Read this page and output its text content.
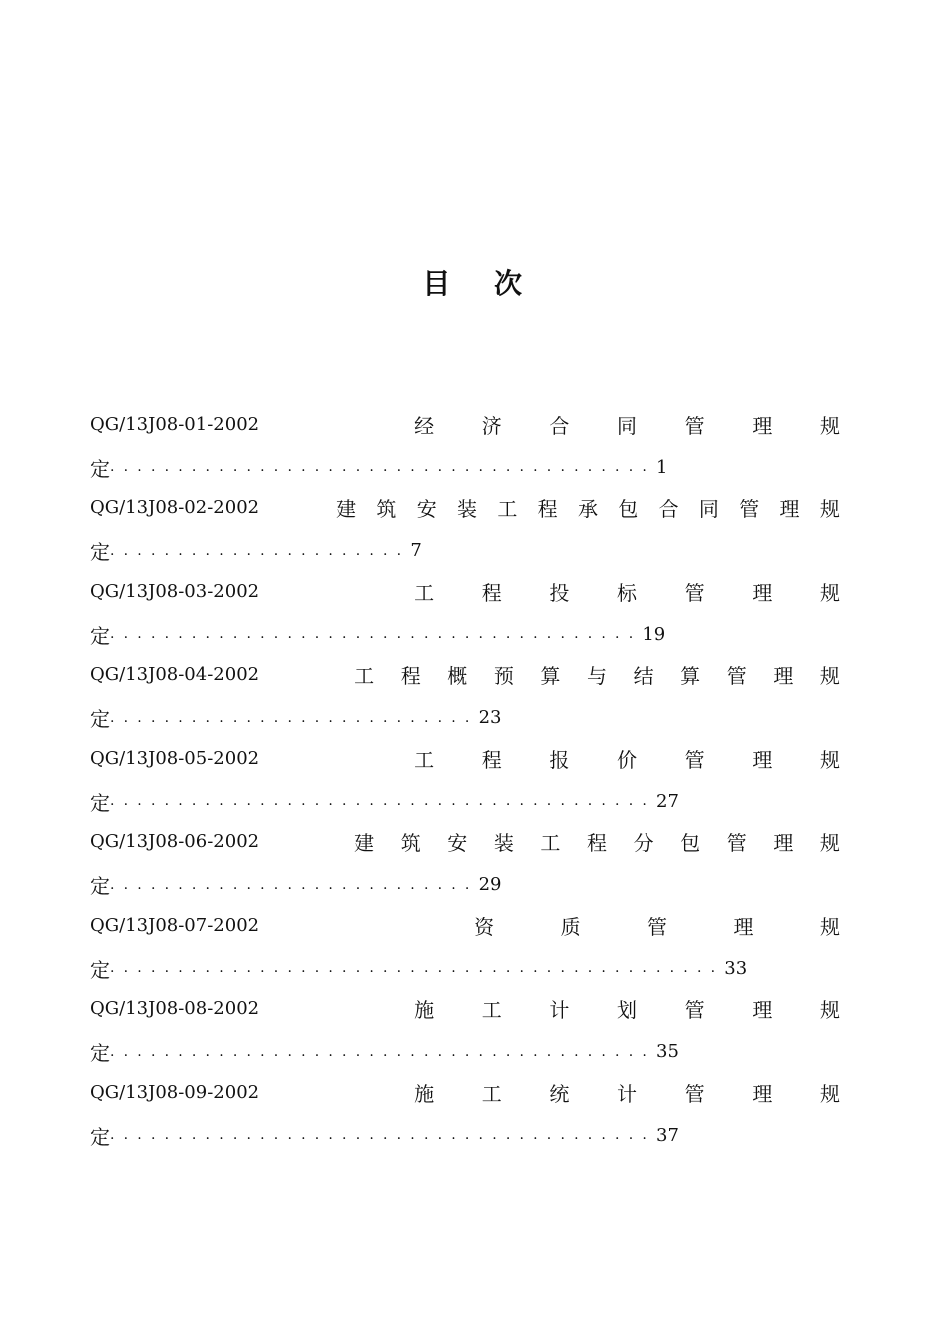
目 次
QG/13J08-01-2002	经 济 合 同 管 理 规
定 ........................................ 1
QG/13J08-02-2002	建 筑 安 装 工 程 承 包 合 同 管 理 规
定 ...................... 7
QG/13J08-03-2002	工 程 投 标 管 理 规
定 ....................................... 19
QG/13J08-04-2002	工 程 概 预 算 与 结 算 管 理 规
定 ........................... 23
QG/13J08-05-2002	工 程 报 价 管 理 规
定 ........................................ 27
QG/13J08-06-2002	建 筑 安 装 工 程 分 包 管 理 规
定 ........................... 29
QG/13J08-07-2002	资	质	管	理	规
定 ............................................. 33
QG/13J08-08-2002	施 工 计 划 管 理 规
定 ........................................ 35
QG/13J08-09-2002	施 工 统 计 管 理 规
定 ........................................ 37
